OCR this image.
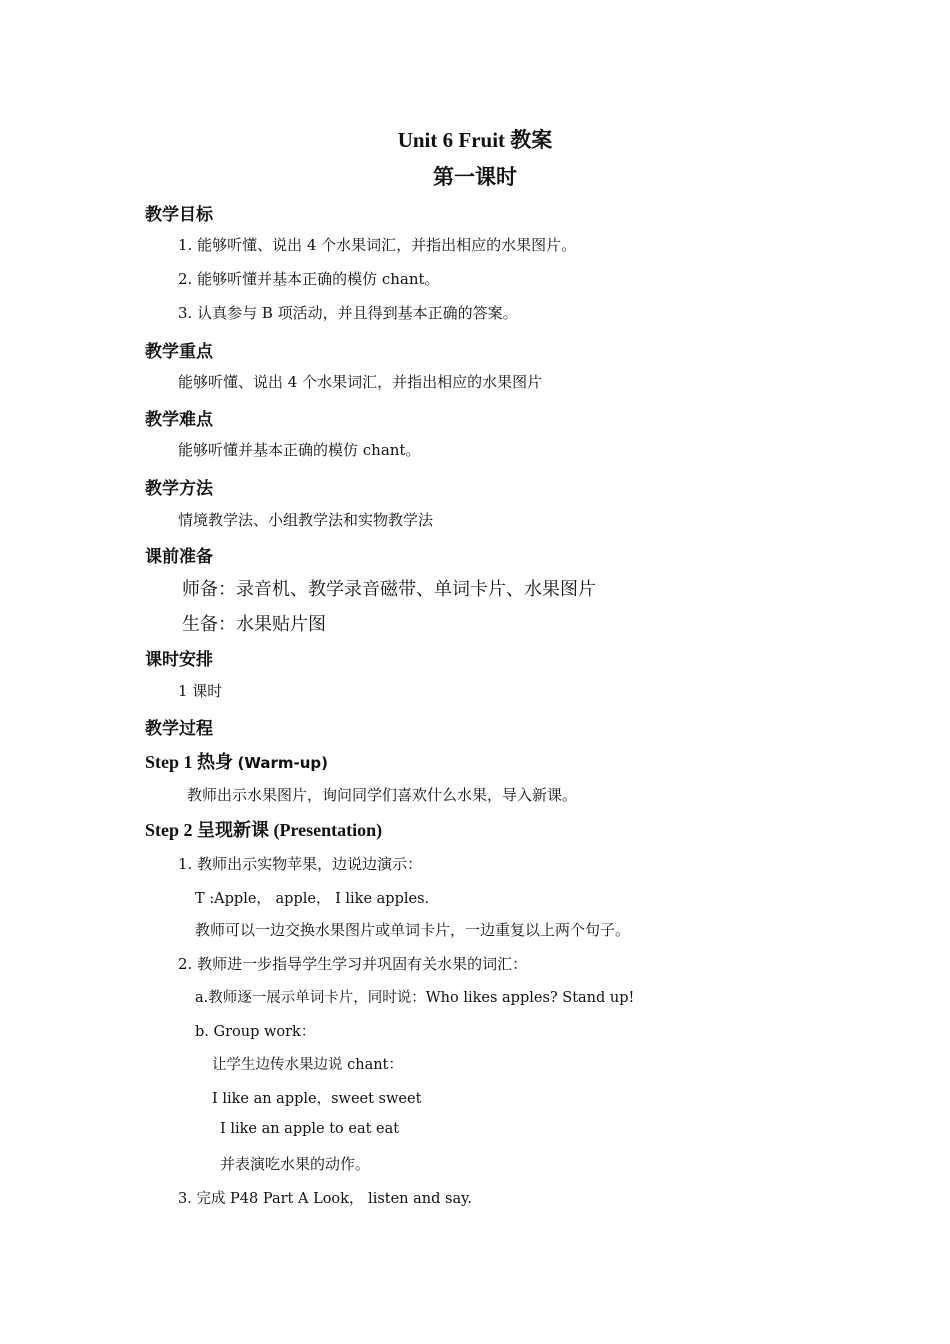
Unit 6 Fruit 教案
第一课时
教学目标
1. 能够听懂、说出 4 个水果词汇，并指出相应的水果图片。
2. 能够听懂并基本正确的模仿 chant。
3. 认真参与 B 项活动，并且得到基本正确的答案。
教学重点
能够听懂、说出 4 个水果词汇，并指出相应的水果图片
教学难点
能够听懂并基本正确的模仿 chant。
教学方法
情境教学法、小组教学法和实物教学法
课前准备
师备：录音机、教学录音磁带、单词卡片、水果图片
生备：水果贴片图
课时安排
1 课时
教学过程
Step 1 热身 (Warm-up)
教师出示水果图片，询问同学们喜欢什么水果，导入新课。
Step 2 呈现新课 (Presentation)
1. 教师出示实物苹果，边说边演示：
T :Apple， apple， I like apples.
教师可以一边交换水果图片或单词卡片，一边重复以上两个句子。
2. 教师进一步指导学生学习并巩固有关水果的词汇：
a.教师逐一展示单词卡片，同时说：Who likes apples? Stand up!
b. Group work：
让学生边传水果边说 chant：
I like an apple，sweet sweet
I like an apple to eat eat
并表演吃水果的动作。
3. 完成 P48 Part A Look， listen and say.
